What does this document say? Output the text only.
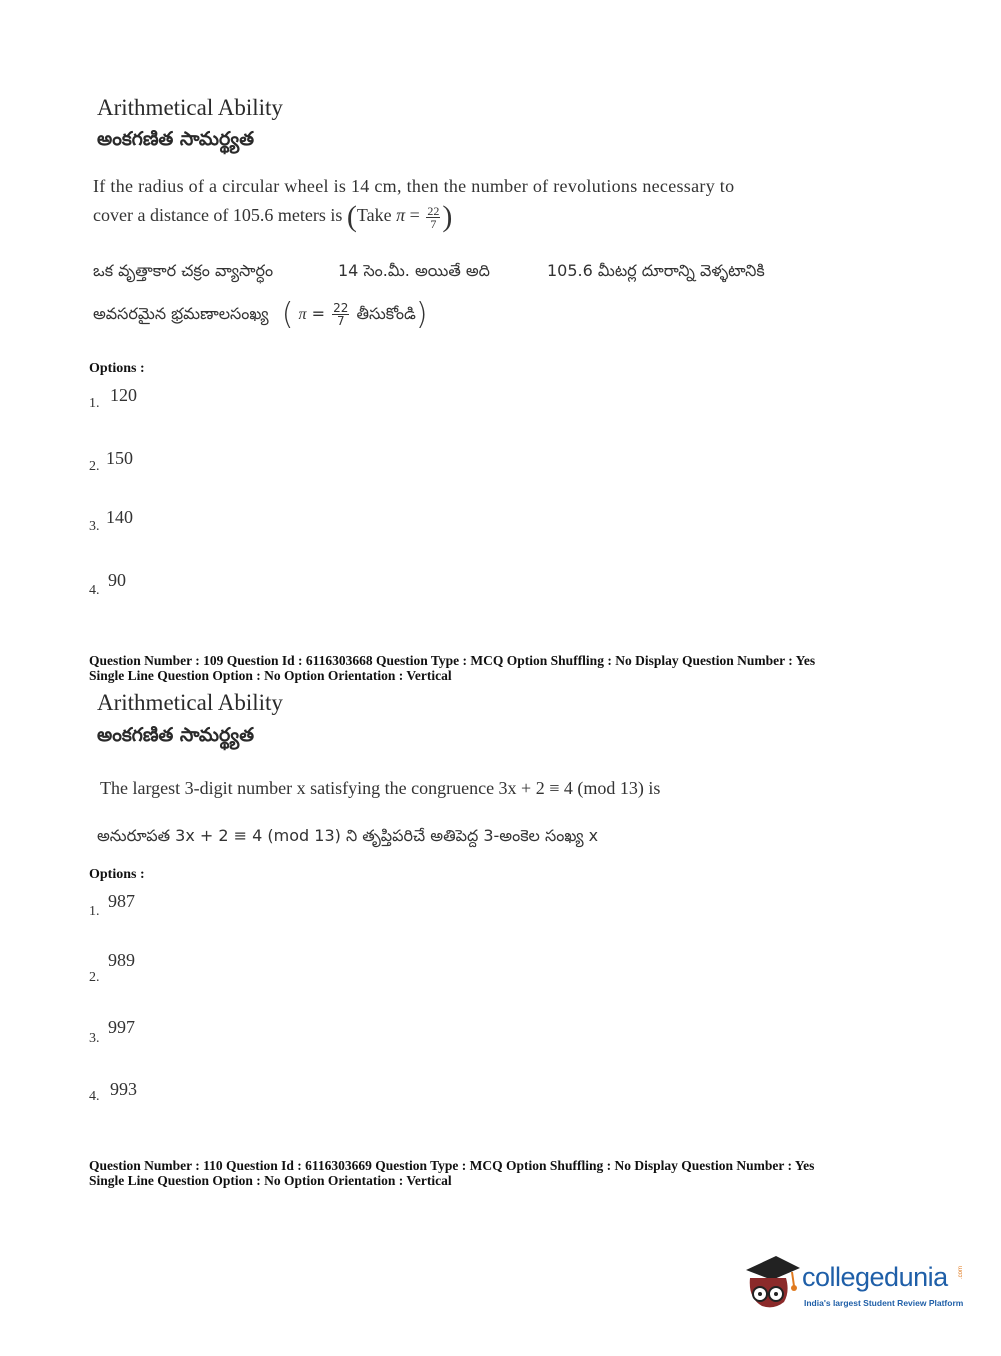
Arithmetical Ability
అంకగణిత సామర్థ్యత
If the radius of a circular wheel is 14 cm, then the number of revolutions necessary to
cover a distance of 105.6 meters is (Take $\pi = \frac{22}{7}$ )
ఒక వృత్తాకార చక్రం వ్యాసార్ధం	14 సెం.మీ. అయితే అది	105.6 మీటర్ల దూరాన్ని వెళ్ళటానికి
అవసరమైన భ్రమణాలసంఖ్య ( $\pi = \frac{22}{7}$ తీసుకోండి)
Options :
1. 120
2. 150
3. 140
4.
90
Question Number : 109 Question Id : 6116303668 Question Type : MCQ Option Shuffling : No Display Question Number : Yes
Single Line Question Option : No Option Orientation : Vertical
Arithmetical Ability
అంకగణిత సామర్థ్యత
The largest 3-digit number x satisfying the congruence 3x + 2 ≡ 4 (mod 13) is
అనురూపత 3x + 2 ≡ 4 (mod 13) ని తృప్తిపరిచే అతిపెద్ద 3-అంకెల సంఖ్య x
Options :
1.
987
2.
989
3.
997
4. 993
Question Number : 110 Question Id : 6116303669 Question Type : MCQ Option Shuffling : No Display Question Number : Yes
Single Line Question Option : No Option Orientation : Vertical
collegedunia .com
India's largest Student Review Platform
